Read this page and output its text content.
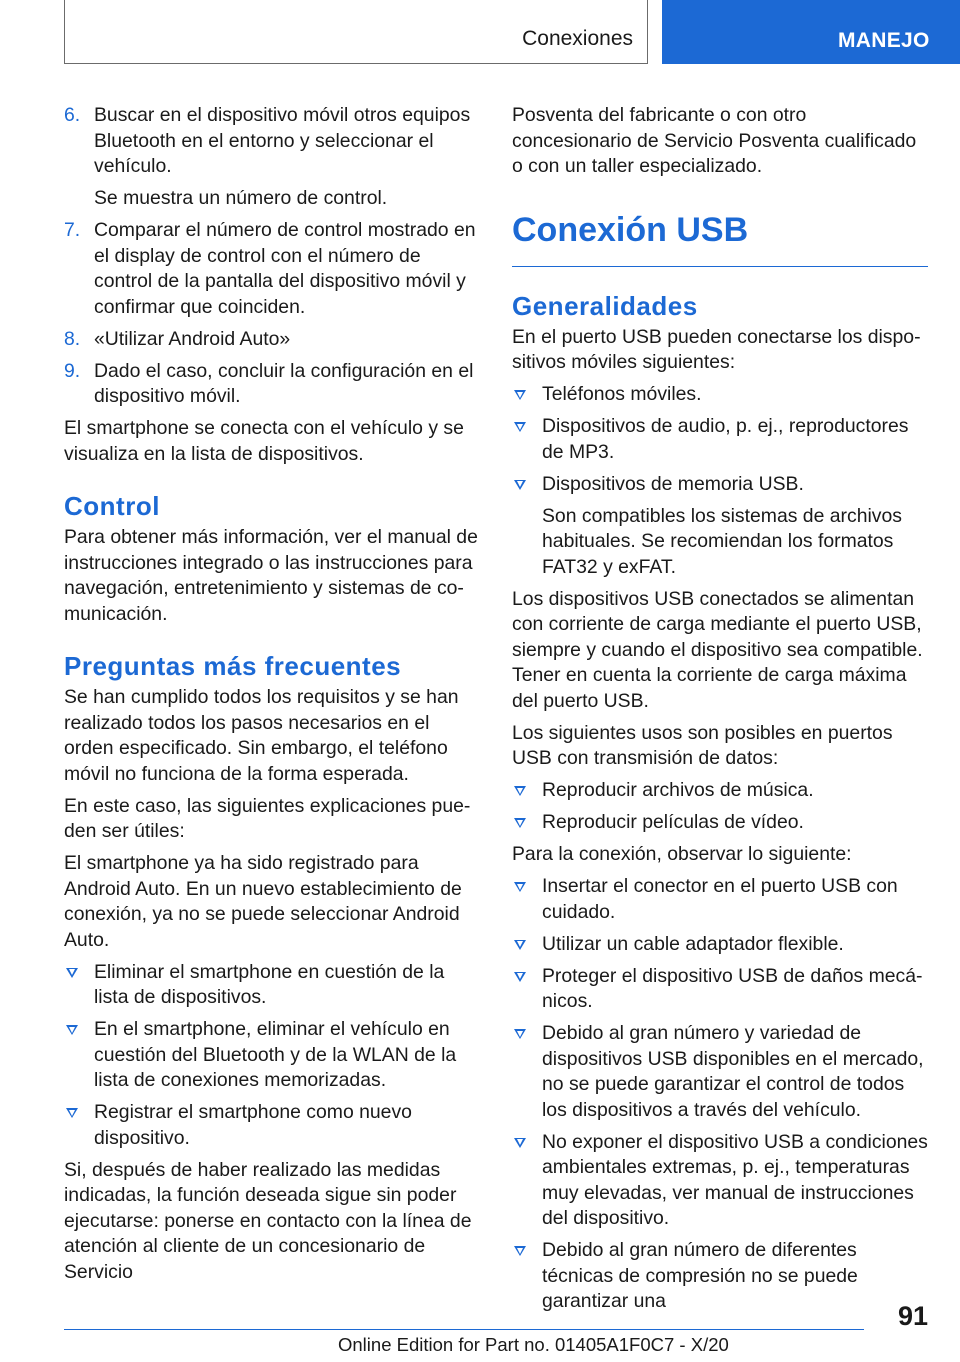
Conexiones	MANEJO
6. Buscar en el dispositivo móvil otros equipos Bluetooth en el entorno y seleccionar el vehículo.
Se muestra un número de control.
7. Comparar el número de control mostrado en el display de control con el número de control de la pantalla del dispositivo móvil y confirmar que coinciden.
8. «Utilizar Android Auto»
9. Dado el caso, concluir la configuración en el dispositivo móvil.

El smartphone se conecta con el vehículo y se visualiza en la lista de dispositivos.

Control

Para obtener más información, ver el manual de instrucciones integrado o las instrucciones para navegación, entretenimiento y sistemas de comunicación.

Preguntas más frecuentes

Se han cumplido todos los requisitos y se han realizado todos los pasos necesarios en el orden especificado. Sin embargo, el teléfono móvil no funciona de la forma esperada.

En este caso, las siguientes explicaciones pueden ser útiles:

El smartphone ya ha sido registrado para Android Auto. En un nuevo establecimiento de conexión, ya no se puede seleccionar Android Auto.

Eliminar el smartphone en cuestión de la lista de dispositivos.
En el smartphone, eliminar el vehículo en cuestión del Bluetooth y de la WLAN de la lista de conexiones memorizadas.
Registrar el smartphone como nuevo dispositivo.

Si, después de haber realizado las medidas indicadas, la función deseada sigue sin poder ejecutarse: ponerse en contacto con la línea de atención al cliente de un concesionario de Servicio

Posventa del fabricante o con otro concesionario de Servicio Posventa cualificado o con un taller especializado.

Conexión USB
Generalidades

En el puerto USB pueden conectarse los dispositivos móviles siguientes:

Teléfonos móviles.
Dispositivos de audio, p. ej., reproductores de MP3.
Dispositivos de memoria USB.
Son compatibles los sistemas de archivos habituales. Se recomiendan los formatos FAT32 y exFAT.

Los dispositivos USB conectados se alimentan con corriente de carga mediante el puerto USB, siempre y cuando el dispositivo sea compatible. Tener en cuenta la corriente de carga máxima del puerto USB.

Los siguientes usos son posibles en puertos USB con transmisión de datos:

Reproducir archivos de música.
Reproducir películas de vídeo.

Para la conexión, observar lo siguiente:

Insertar el conector en el puerto USB con cuidado.
Utilizar un cable adaptador flexible.
Proteger el dispositivo USB de daños mecánicos.
Debido al gran número y variedad de dispositivos USB disponibles en el mercado, no se puede garantizar el control de todos los dispositivos a través del vehículo.
No exponer el dispositivo USB a condiciones ambientales extremas, p. ej., temperaturas muy elevadas, ver manual de instrucciones del dispositivo.
Debido al gran número de diferentes técnicas de compresión no se puede garantizar una	91
Online Edition for Part no. 01405A1F0C7 - X/20
